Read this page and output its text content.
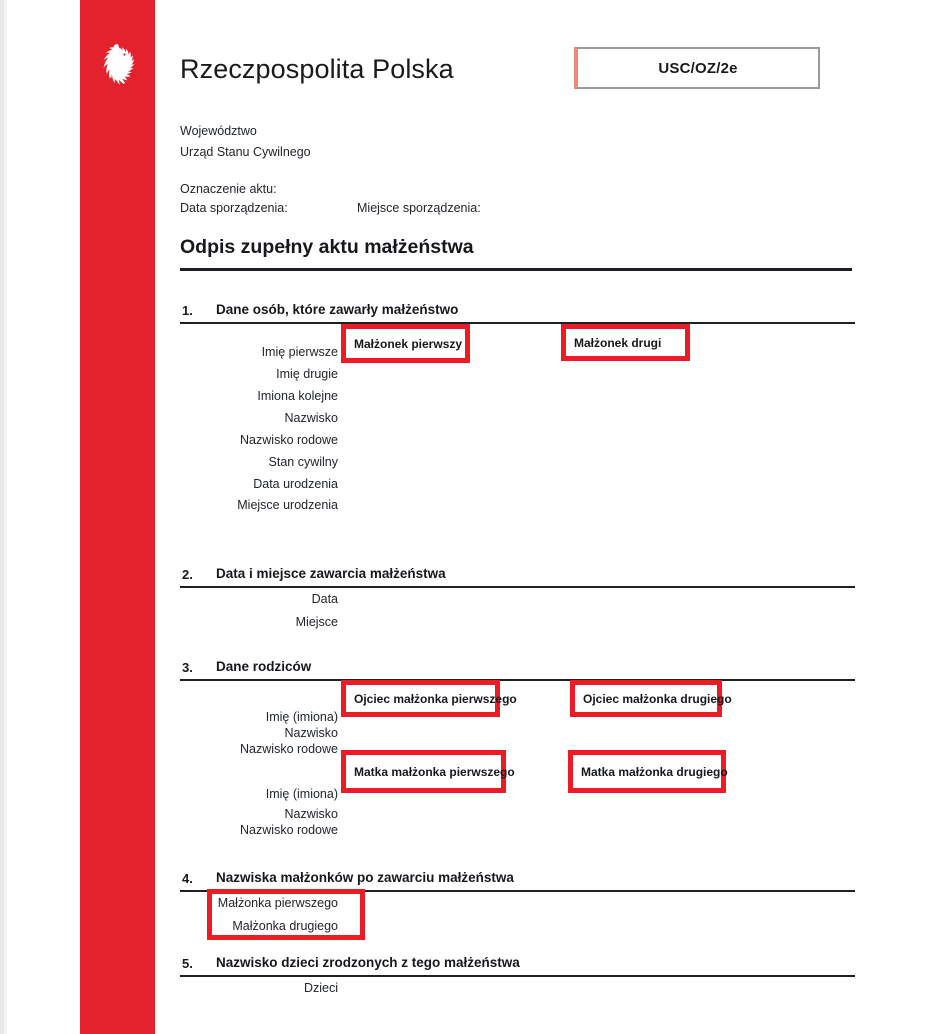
Rzeczpospolita Polska	USC/OZ/2e
Województwo
Urząd Stanu Cywilnego
Oznaczenie aktu:
Data sporządzenia:	Miejsce sporządzenia:
Odpis zupełny aktu małżeństwa
1. Dane osób, które zawarły małżeństwo
Małżonek pierwszy	Małżonek drugi
Imię pierwsze
Imię drugie
Imiona kolejne
Nazwisko
Nazwisko rodowe
Stan cywilny
Data urodzenia
Miejsce urodzenia
2. Data i miejsce zawarcia małżeństwa
Data
Miejsce
3. Dane rodziców
Ojciec małżonka pierwszego	Ojciec małżonka drugiego
Imię (imiona)
Nazwisko
Nazwisko rodowe
Matka małżonka pierwszego	Matka małżonka drugiego
Imię (imiona)
Nazwisko
Nazwisko rodowe
4. Nazwiska małżonków po zawarciu małżeństwa
Małżonka pierwszego
Małżonka drugiego
5. Nazwisko dzieci zrodzonych z tego małżeństwa
Dzieci
